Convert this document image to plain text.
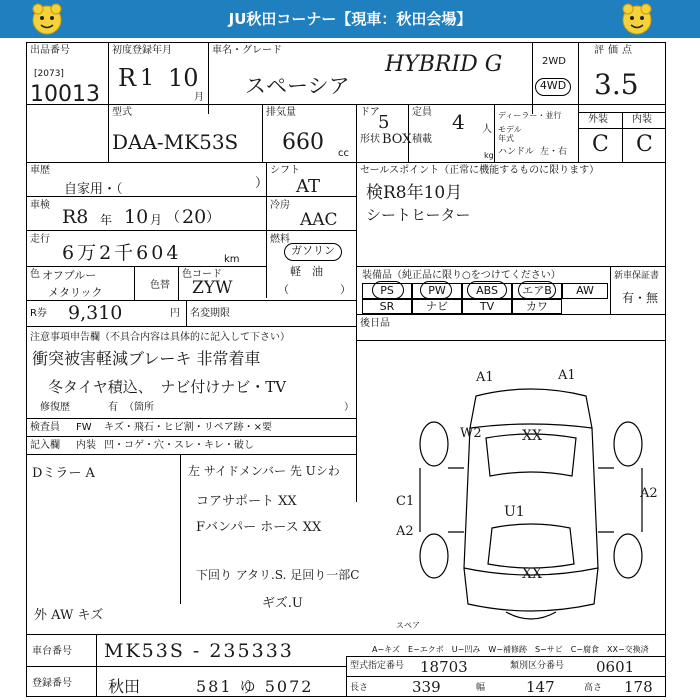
JU秋田コーナー【現車：秋田会場】
出品番号
[2073]
10013
初度登録年月
R 1 10
月
車名・グレード
スペーシア
HYBRID G	2WD
4WD
評価点
3.5
型式
DAA-MK53S
排気量
660 cc
ドア
5
形状 BOX
定員 4 人
積載
kg
ディーラー・並行
モデル
年式
ハンドル 左・右
外装 内装
C C
車歴
自家用・（	）
シフト
AT
車検
R8 年 10 月 （ 20 ）
冷房
AAC
走行
6万2千604	km
燃料
ガソリン
軽　油
（	）
色 オフブルー
メタリック
色替
色コード
ZYW
R券 9,310	円 名変期限
注意事項申告欄（不具合内容は具体的に記入して下さい）
衝突被害軽減ブレーキ 非常着車
冬タイヤ積込、　ナビ付けナビ・TV
修復歴	有 （箇所	）
検査員 FW キズ・飛石・ヒビ割・リペア跡・×要
記入欄 内装 凹・コゲ・穴・スレ・キレ・破し
Dミラー A
外 AW キズ
左 サイドメンバー 先 Uシわ
コアサポート XX
Fバンパー ホース XX
下回り アタリ.S. 足回り一部C
ギズ.U
セールスポイント（正常に機能するものに限ります）
検R8年10月
シートヒーター
装備品（純正品に限り○をつけてください）	新車保証書
有・無
PS	PW	ABS	エアB	AW
SR	ナビ	TV	カワ
後日品
A1	A1
W2	XX
C1
A2
A2
U1
XX
スペア
A−キズ　E−エクボ　U−凹み　W−補修跡　S−サビ　C−腐食　XX−交換済
車台番号 MK53S - 235333
登録番号 秋田	581 ゆ 5072
型式指定番号 18703	類別区分番号 0601
長さ	339	幅	147	高さ 178
